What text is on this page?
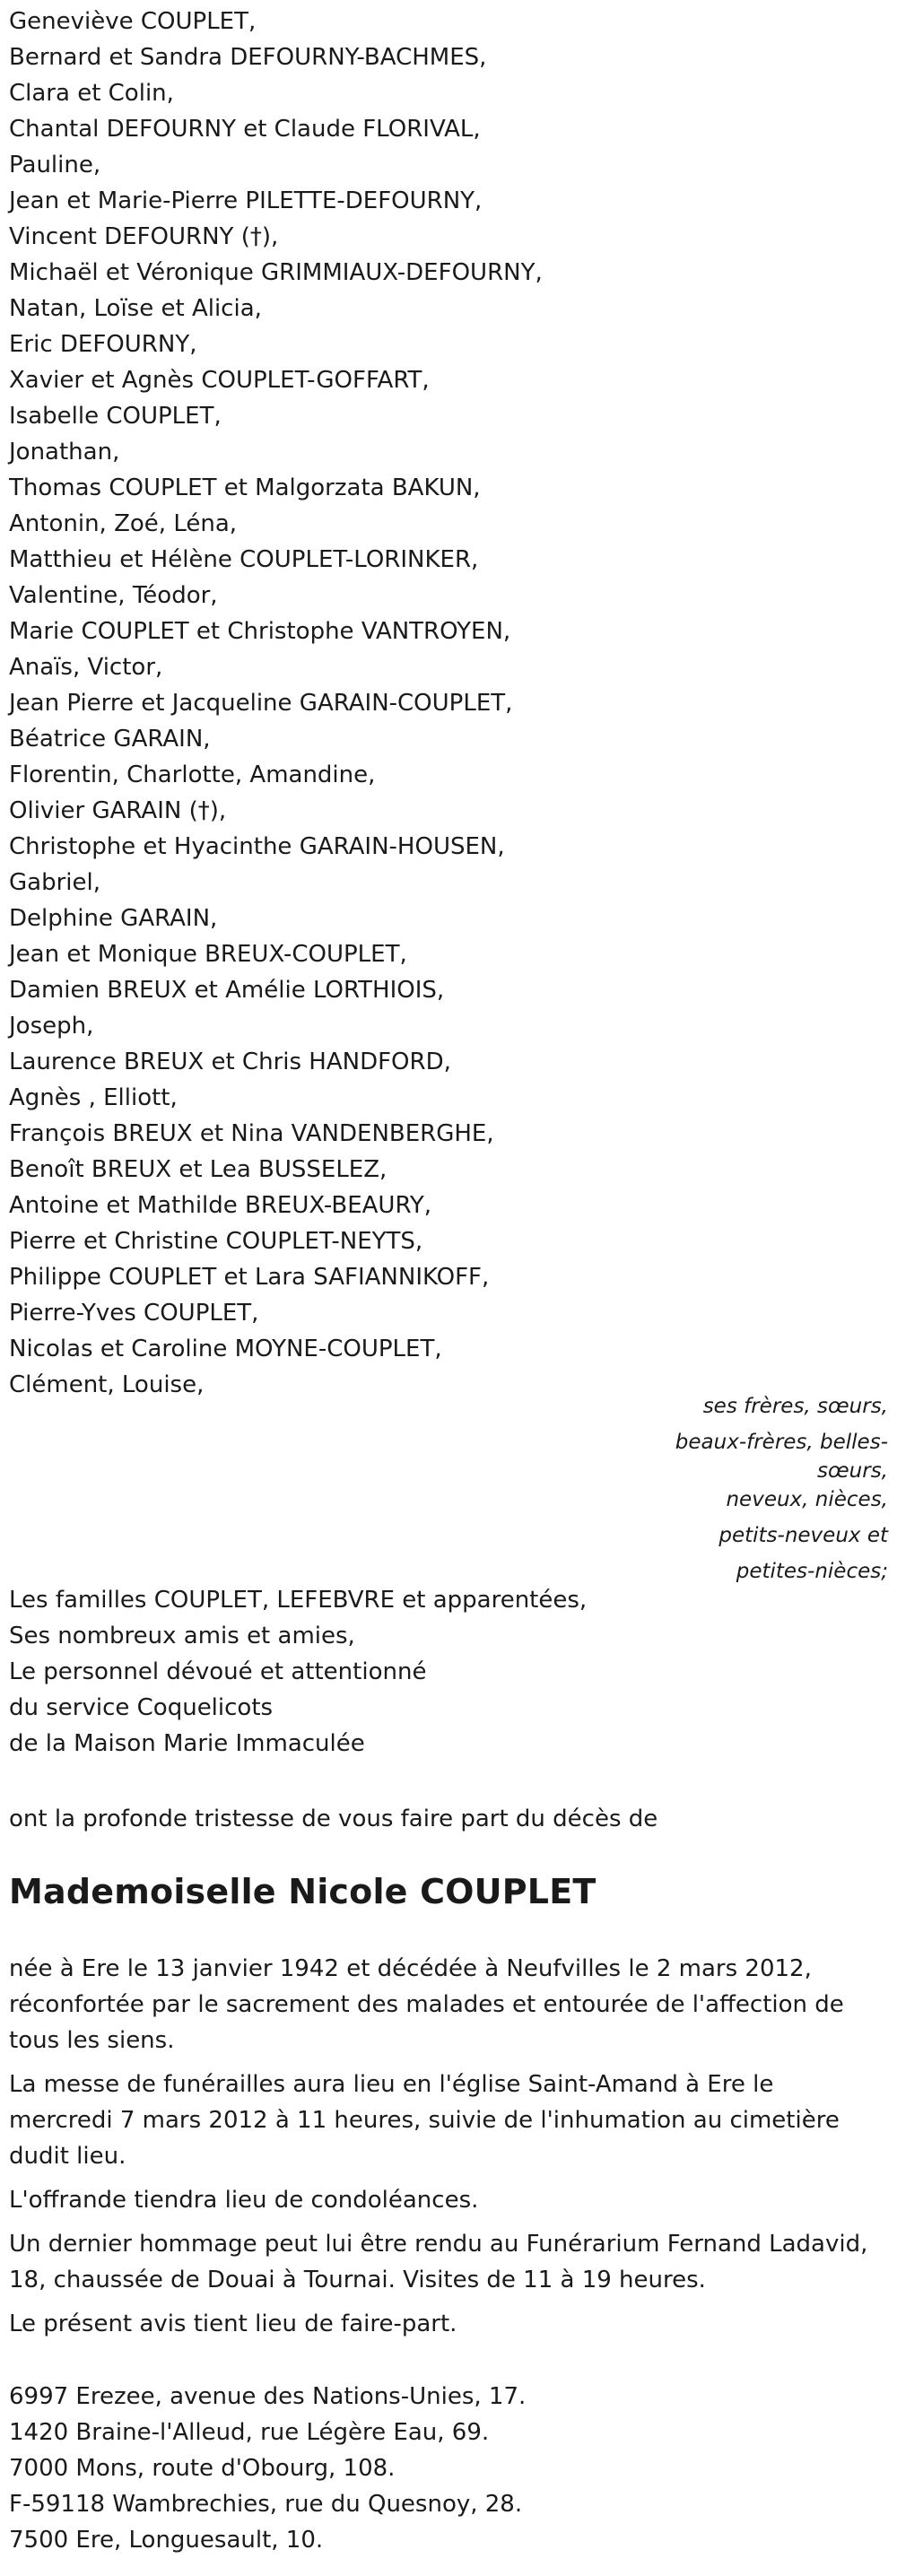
Geneviève COUPLET,
Bernard et Sandra DEFOURNY-BACHMES,
Clara et Colin,
Chantal DEFOURNY et Claude FLORIVAL,
Pauline,
Jean et Marie-Pierre PILETTE-DEFOURNY,
Vincent DEFOURNY (†),
Michaël et Véronique GRIMMIAUX-DEFOURNY,
Natan, Loïse et Alicia,
Eric DEFOURNY,
Xavier et Agnès COUPLET-GOFFART,
Isabelle COUPLET,
Jonathan,
Thomas COUPLET et Malgorzata BAKUN,
Antonin, Zoé, Léna,
Matthieu et Hélène COUPLET-LORINKER,
Valentine, Téodor,
Marie COUPLET et Christophe VANTROYEN,
Anaïs, Victor,
Jean Pierre et Jacqueline GARAIN-COUPLET,
Béatrice GARAIN,
Florentin, Charlotte, Amandine,
Olivier GARAIN (†),
Christophe et Hyacinthe GARAIN-HOUSEN,
Gabriel,
Delphine GARAIN,
Jean et Monique BREUX-COUPLET,
Damien BREUX et Amélie LORTHIOIS,
Joseph,
Laurence BREUX et Chris HANDFORD,
Agnès , Elliott,
François BREUX et Nina VANDENBERGHE,
Benoît BREUX et Lea BUSSELEZ,
Antoine et Mathilde BREUX-BEAURY,
Pierre et Christine COUPLET-NEYTS,
Philippe COUPLET et Lara SAFIANNIKOFF,
Pierre-Yves COUPLET,
Nicolas et Caroline MOYNE-COUPLET,
Clément, Louise,
ses frères, sœurs,
beaux-frères, belles-
sœurs,
neveux, nièces,
petits-neveux et
petites-nièces;
Les familles COUPLET, LEFEBVRE et apparentées,
Ses nombreux amis et amies,
Le personnel dévoué et attentionné
du service Coquelicots
de la Maison Marie Immaculée
ont la profonde tristesse de vous faire part du décès de
Mademoiselle Nicole COUPLET

née à Ere le 13 janvier 1942 et décédée à Neufvilles le 2 mars 2012, réconfortée par le sacrement des malades et entourée de l'affection de tous les siens.

La messe de funérailles aura lieu en l'église Saint-Amand à Ere le mercredi 7 mars 2012 à 11 heures, suivie de l'inhumation au cimetière dudit lieu.

L'offrande tiendra lieu de condoléances.

Un dernier hommage peut lui être rendu au Funérarium Fernand Ladavid, 18, chaussée de Douai à Tournai. Visites de 11 à 19 heures.

Le présent avis tient lieu de faire-part.

6997 Erezee, avenue des Nations-Unies, 17.
1420 Braine-l'Alleud, rue Légère Eau, 69.
7000 Mons, route d'Obourg, 108.
F-59118 Wambrechies, rue du Quesnoy, 28.
7500 Ere, Longuesault, 10.
